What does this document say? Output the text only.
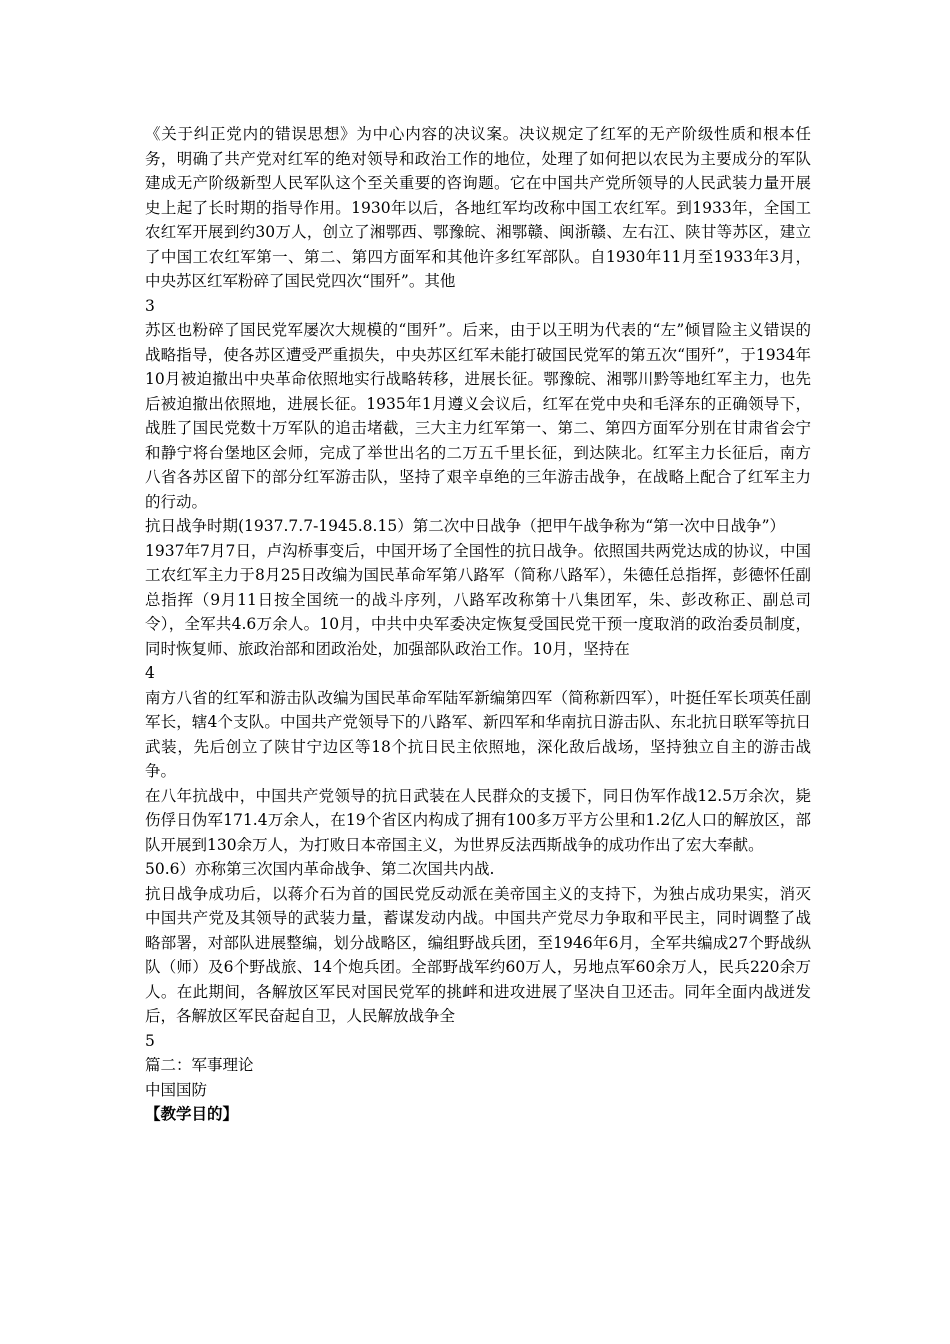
《关于纠正党内的错误思想》为中心内容的决议案。决议规定了红军的无产阶级性质和根本任务，明确了共产党对红军的绝对领导和政治工作的地位，处理了如何把以农民为主要成分的军队建成无产阶级新型人民军队这个至关重要的咨询题。它在中国共产党所领导的人民武装力量开展史上起了长时期的指导作用。1930年以后，各地红军均改称中国工农红军。到1933年，全国工农红军开展到约30万人，创立了湘鄂西、鄂豫皖、湘鄂赣、闽浙赣、左右江、陕甘等苏区，建立了中国工农红军第一、第二、第四方面军和其他许多红军部队。自1930年11月至1933年3月，中央苏区红军粉碎了国民党四次“围歼”。其他

3

苏区也粉碎了国民党军屡次大规模的“围歼”。后来，由于以王明为代表的“左”倾冒险主义错误的战略指导，使各苏区遭受严重损失，中央苏区红军未能打破国民党军的第五次“围歼”，于1934年10月被迫撤出中央革命依照地实行战略转移，进展长征。鄂豫皖、湘鄂川黔等地红军主力，也先后被迫撤出依照地，进展长征。1935年1月遵义会议后，红军在党中央和毛泽东的正确领导下，战胜了国民党数十万军队的追击堵截，三大主力红军第一、第二、第四方面军分别在甘肃省会宁和静宁将台堡地区会师，完成了举世出名的二万五千里长征，到达陕北。红军主力长征后，南方八省各苏区留下的部分红军游击队，坚持了艰辛卓绝的三年游击战争，在战略上配合了红军主力的行动。

抗日战争时期(1937.7.7-1945.8.15）第二次中日战争（把甲午战争称为“第一次中日战争”）

1937年7月7日，卢沟桥事变后，中国开场了全国性的抗日战争。依照国共两党达成的协议，中国工农红军主力于8月25日改编为国民革命军第八路军（简称八路军），朱德任总指挥，彭德怀任副总指挥（9月11日按全国统一的战斗序列，八路军改称第十八集团军，朱、彭改称正、副总司令），全军共4.6万余人。10月，中共中央军委决定恢复受国民党干预一度取消的政治委员制度，同时恢复师、旅政治部和团政治处，加强部队政治工作。10月，坚持在

4

南方八省的红军和游击队改编为国民革命军陆军新编第四军（简称新四军），叶挺任军长项英任副军长，辖4个支队。中国共产党领导下的八路军、新四军和华南抗日游击队、东北抗日联军等抗日武装，先后创立了陕甘宁边区等18个抗日民主依照地，深化敌后战场，坚持独立自主的游击战争。

在八年抗战中，中国共产党领导的抗日武装在人民群众的支援下，同日伪军作战12.5万余次，毙伤俘日伪军171.4万余人，在19个省区内构成了拥有100多万平方公里和1.2亿人口的解放区，部队开展到130余万人，为打败日本帝国主义，为世界反法西斯战争的成功作出了宏大奉献。

50.6）亦称第三次国内革命战争、第二次国共内战.

抗日战争成功后，以蒋介石为首的国民党反动派在美帝国主义的支持下，为独占成功果实，消灭中国共产党及其领导的武装力量，蓄谋发动内战。中国共产党尽力争取和平民主，同时调整了战略部署，对部队进展整编，划分战略区，编组野战兵团，至1946年6月，全军共编成27个野战纵队（师）及6个野战旅、14个炮兵团。全部野战军约60万人，另地点军60余万人，民兵220余万人。在此期间，各解放区军民对国民党军的挑衅和进攻进展了坚决自卫还击。同年全面内战迸发后，各解放区军民奋起自卫，人民解放战争全

5

篇二：军事理论

中国国防

【教学目的】
